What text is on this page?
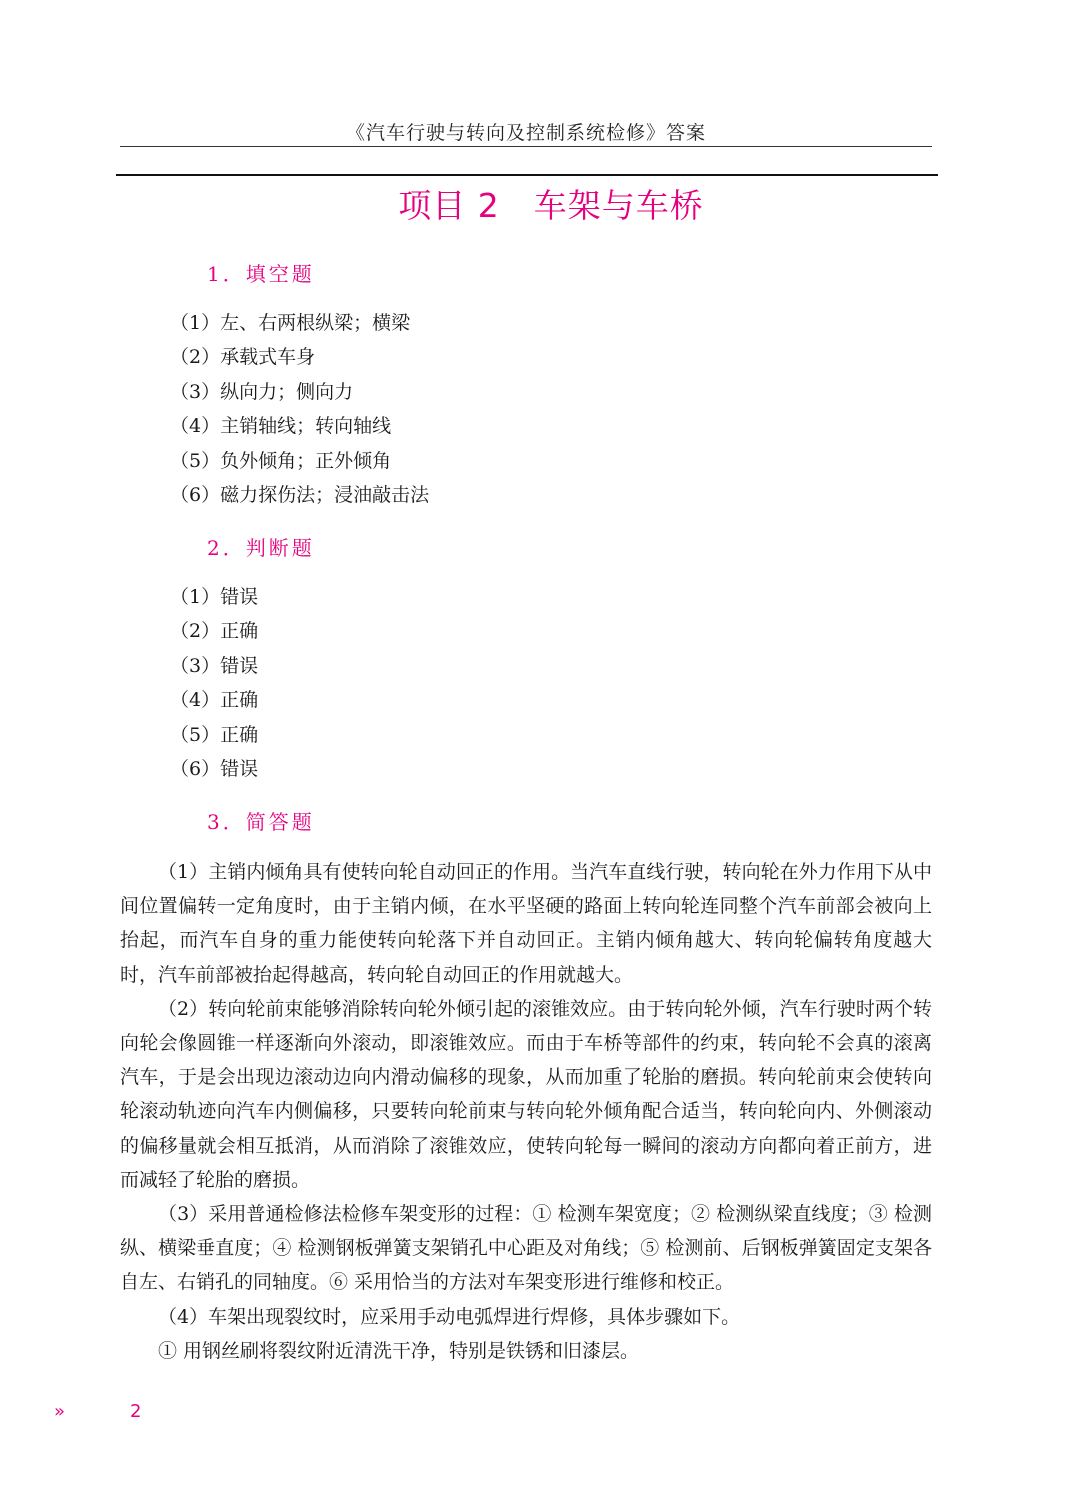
《汽车行驶与转向及控制系统检修》答案
项目 2　车架与车桥
1．填空题
（1）左、右两根纵梁；横梁
（2）承载式车身
（3）纵向力；侧向力
（4）主销轴线；转向轴线
（5）负外倾角；正外倾角
（6）磁力探伤法；浸油敲击法
2．判断题
（1）错误
（2）正确
（3）错误
（4）正确
（5）正确
（6）错误
3．简答题

（1）主销内倾角具有使转向轮自动回正的作用。当汽车直线行驶，转向轮在外力作用下从中间位置偏转一定角度时，由于主销内倾，在水平坚硬的路面上转向轮连同整个汽车前部会被向上抬起，而汽车自身的重力能使转向轮落下并自动回正。主销内倾角越大、转向轮偏转角度越大时，汽车前部被抬起得越高，转向轮自动回正的作用就越大。

（2）转向轮前束能够消除转向轮外倾引起的滚锥效应。由于转向轮外倾，汽车行驶时两个转向轮会像圆锥一样逐渐向外滚动，即滚锥效应。而由于车桥等部件的约束，转向轮不会真的滚离汽车，于是会出现边滚动边向内滑动偏移的现象，从而加重了轮胎的磨损。转向轮前束会使转向轮滚动轨迹向汽车内侧偏移，只要转向轮前束与转向轮外倾角配合适当，转向轮向内、外侧滚动的偏移量就会相互抵消，从而消除了滚锥效应，使转向轮每一瞬间的滚动方向都向着正前方，进而减轻了轮胎的磨损。

（3）采用普通检修法检修车架变形的过程：① 检测车架宽度；② 检测纵梁直线度；③ 检测纵、横梁垂直度；④ 检测钢板弹簧支架销孔中心距及对角线；⑤ 检测前、后钢板弹簧固定支架各自左、右销孔的同轴度。⑥ 采用恰当的方法对车架变形进行维修和校正。

（4）车架出现裂纹时，应采用手动电弧焊进行焊修，具体步骤如下。

① 用钢丝刷将裂纹附近清洗干净，特别是铁锈和旧漆层。

»	2
